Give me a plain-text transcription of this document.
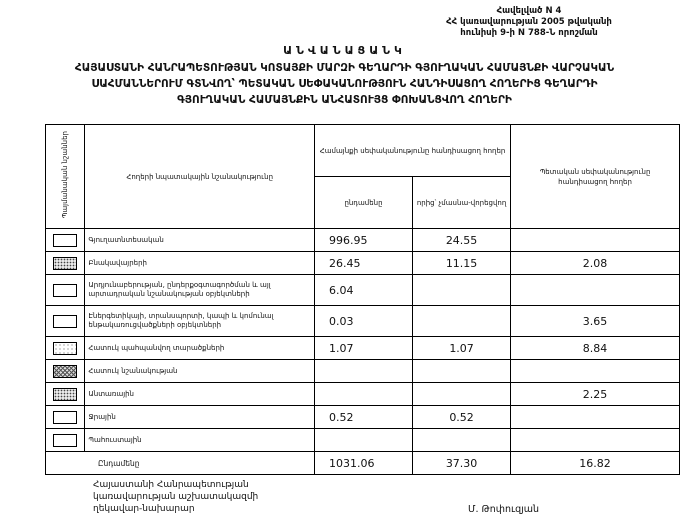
Հավելված N 4
ՀՀ կառավարության 2005 թվականի
հունիսի 9-ի N 788-Ն որոշման
ԱՆՎԱՆԱՑԱՆԿ
ՀԱՅԱՍՏԱՆԻ ՀԱՆՐԱՊԵՏՈՒԹՅԱՆ ԿՈՏԱՅՔԻ ՄԱՐԶԻ ԳԵՂԱՐԴԻ ԳՅՈՒՂԱԿԱՆ ՀԱՄԱՅՆՔԻ ՎԱՐՉԱԿԱՆ
ՍԱՀՄԱՆՆԵՐՈՒՄ ԳՏՆՎՈՂ՝ ՊԵՏԱԿԱՆ ՍԵՓԱԿԱՆՈՒԹՅՈՒՆ ՀԱՆԴԻՍԱՑՈՂ ՀՈՂԵՐԻՑ ԳԵՂԱՐԴԻ
ԳՅՈՒՂԱԿԱՆ ՀԱՄԱՅՆՔԻՆ ԱՆՀԱՏՈՒՅՑ ՓՈԽԱՆՑՎՈՂ ՀՈՂԵՐԻ
Պայմանական նշաններ	Հողերի նպատակային նշանակությունը	Համայնքի սեփականությունը հանդիսացող հողեր		Պետական սեփականությունը հանդիսացող հողեր
		ընդամենը	որից՝ չմասնա-վորեցվող	
	Գյուղատնտեսական	996.95	24.55	
	Բնակավայրերի	26.45	11.15	2.08
	Արդյունաբերության, ընդերքօգտագործման և այլ արտադրական նշանակության օբյեկտների	6.04		
	Էներգետիկայի, տրանսպորտի, կապի և կոմունալ ենթակառուցվածքների օբյեկտների	0.03		3.65
	Հատուկ պահպանվող տարածքների	1.07	1.07	8.84
	Հատուկ նշանակության			
	Անտառային			2.25
	Ջրային	0.52	0.52	
	Պահուստային			
Ընդամենը		1031.06	37.30	16.82
Հայաստանի Հանրապետության
կառավարության աշխատակազմի
ղեկավար-նախարար	Մ. Թոփուզյան
